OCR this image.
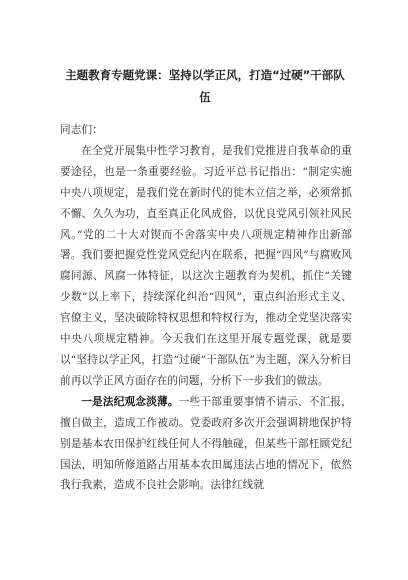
主题教育专题党课：坚持以学正风，打造“过硬”干部队伍

同志们：

在全党开展集中性学习教育，是我们党推进自我革命的重要途径，也是一条重要经验。习近平总书记指出：“制定实施中央八项规定，是我们党在新时代的徙木立信之举，必须常抓不懈、久久为功，直至真正化风成俗，以优良党风引领社风民风。”党的二十大对锲而不舍落实中央八项规定精神作出新部署。我们要把握党性党风党纪内在联系，把握“四风”与腐败风腐同源、风腐一体特征，以这次主题教育为契机，抓住“关键少数”以上率下，持续深化纠治“四风”，重点纠治形式主义、官僚主义，坚决破除特权思想和特权行为，推动全党坚决落实中央八项规定精神。今天我们在这里开展专题党课，就是要以“坚持以学正风，打造“过硬”干部队伍”为主题，深入分析目前再以学正风方面存在的问题，分析下一步我们的做法。

一是法纪观念淡薄。一些干部重要事情不请示、不汇报，擅自做主，造成工作被动。党委政府多次开会强调耕地保护特别是基本农田保护红线任何人不得触碰，但某些干部枉顾党纪国法，明知所修道路占用基本农田属违法占地的情况下，依然我行我素，造成不良社会影响。法律红线就
